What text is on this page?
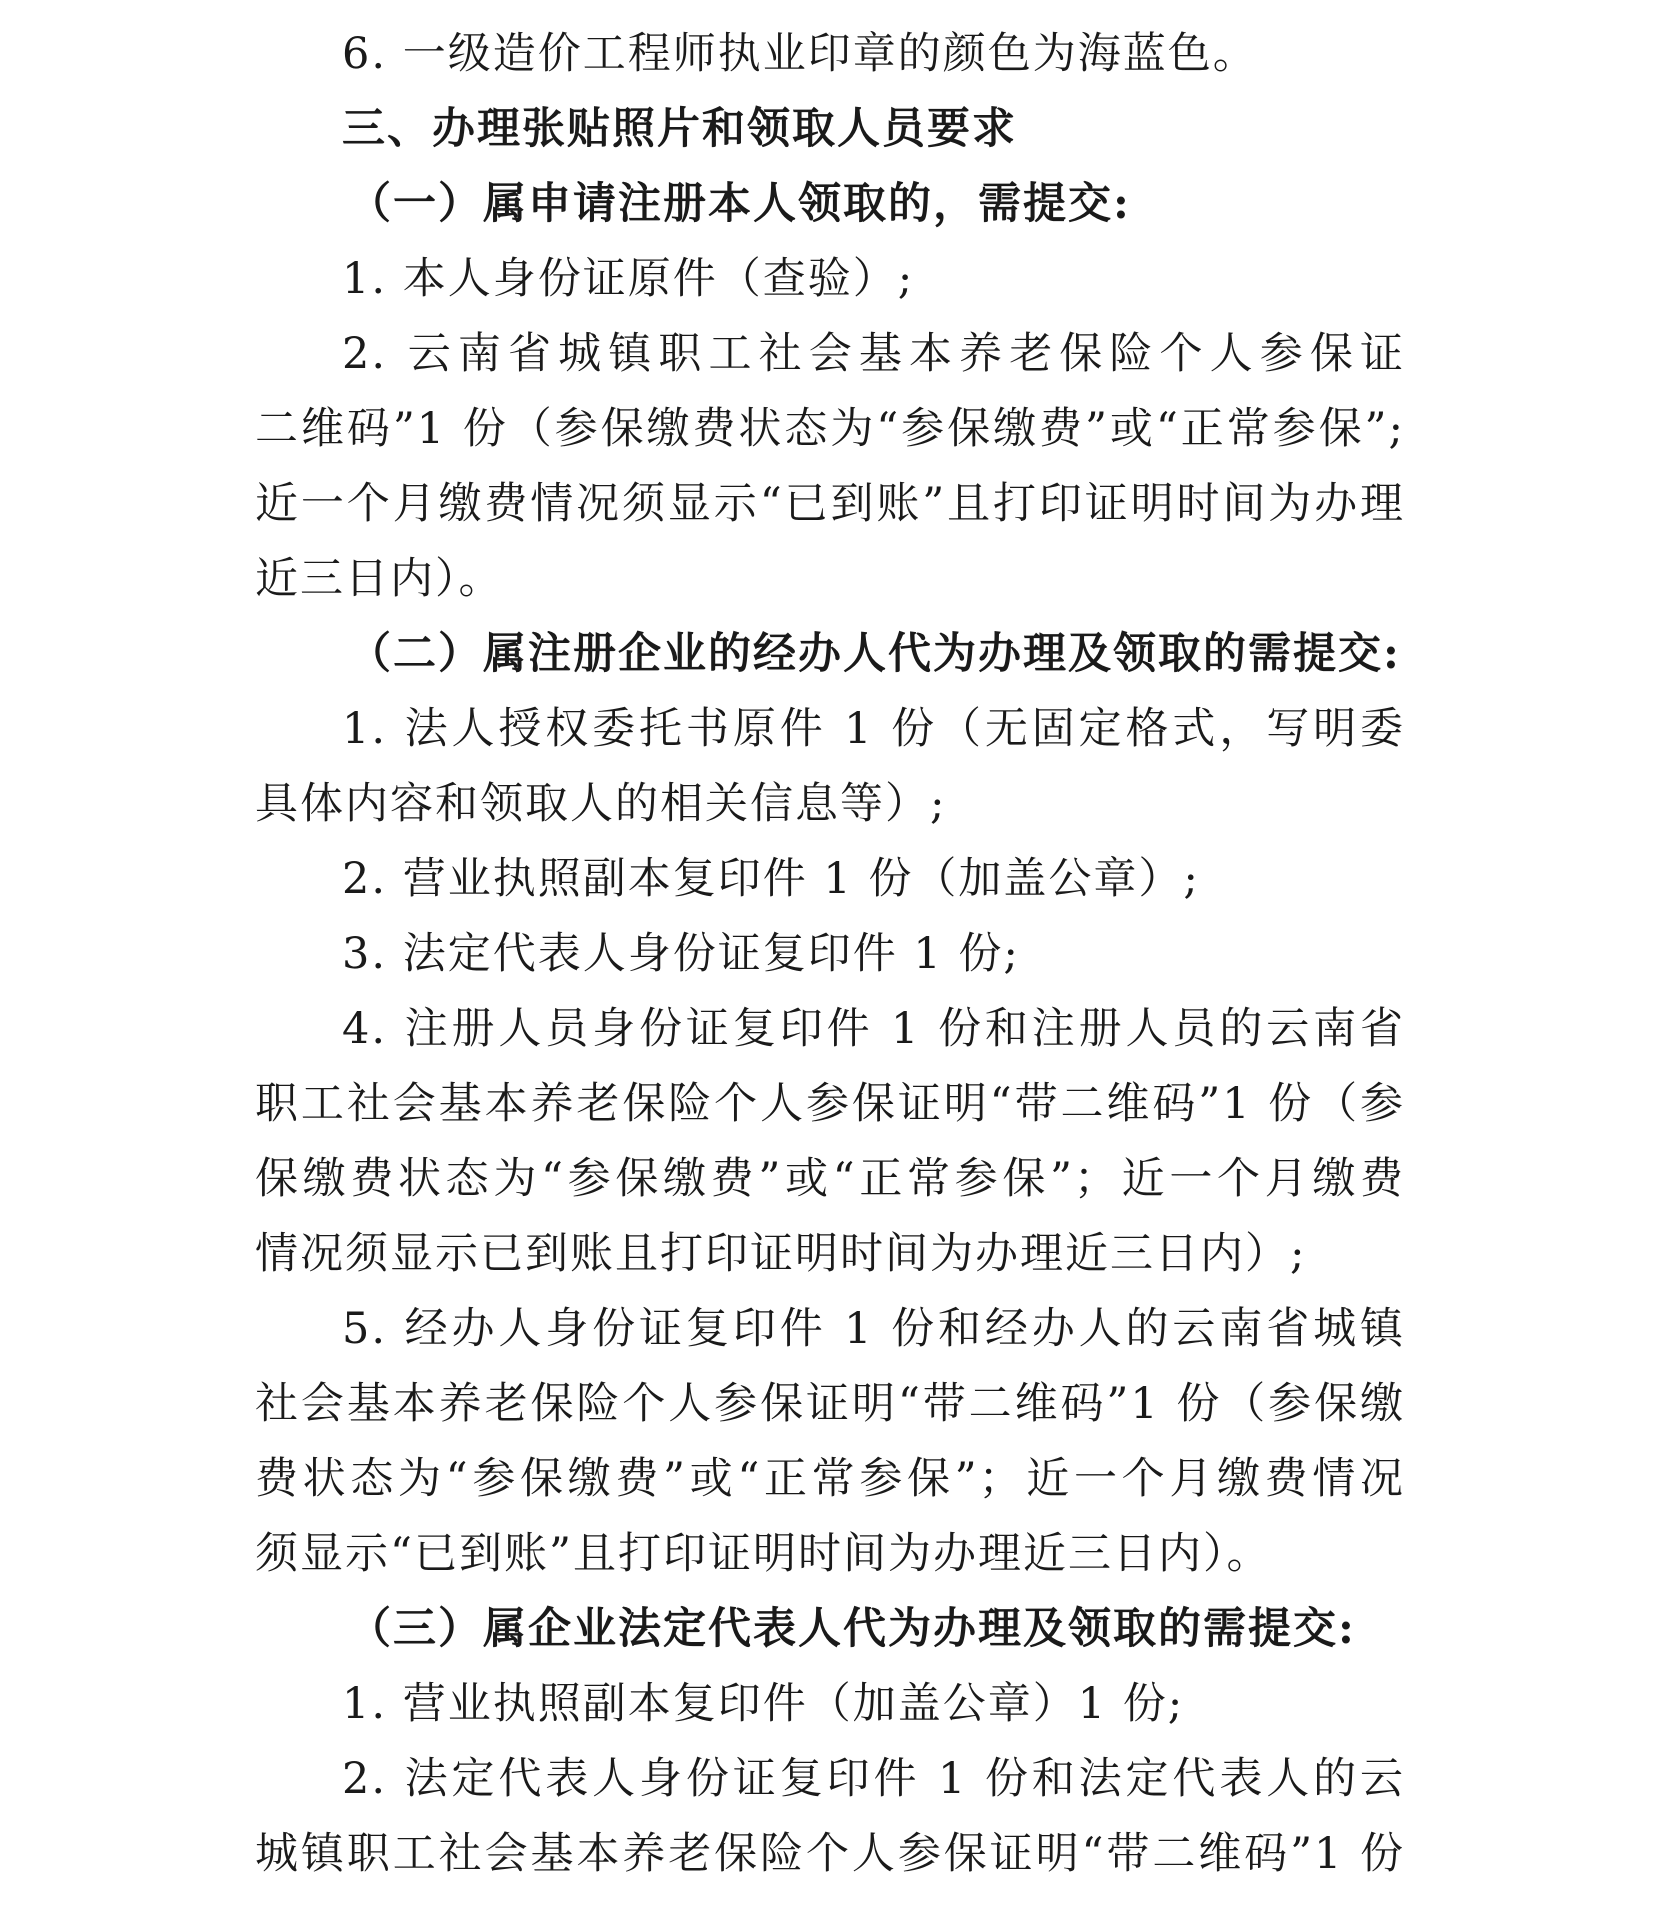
6. 一级造价工程师执业印章的颜色为海蓝色。
三、办理张贴照片和领取人员要求
（一）属申请注册本人领取的，需提交:
1. 本人身份证原件（查验）;
2. 云南省城镇职工社会基本养老保险个人参保证
二维码”1 份（参保缴费状态为“参保缴费”或“正常参保”;
近一个月缴费情况须显示“已到账”且打印证明时间为办理
近三日内）。
（二）属注册企业的经办人代为办理及领取的需提交:
1. 法人授权委托书原件 1 份（无固定格式，写明委
具体内容和领取人的相关信息等）;
2. 营业执照副本复印件 1 份（加盖公章）;
3. 法定代表人身份证复印件 1 份;
4. 注册人员身份证复印件 1 份和注册人员的云南省
职工社会基本养老保险个人参保证明“带二维码”1 份（参
保缴费状态为“参保缴费”或“正常参保”；近一个月缴费
情况须显示已到账且打印证明时间为办理近三日内）;
5. 经办人身份证复印件 1 份和经办人的云南省城镇
社会基本养老保险个人参保证明“带二维码”1 份（参保缴
费状态为“参保缴费”或“正常参保”；近一个月缴费情况
须显示“已到账”且打印证明时间为办理近三日内）。
（三）属企业法定代表人代为办理及领取的需提交:
1. 营业执照副本复印件（加盖公章）1 份;
2. 法定代表人身份证复印件 1 份和法定代表人的云
城镇职工社会基本养老保险个人参保证明“带二维码”1 份
